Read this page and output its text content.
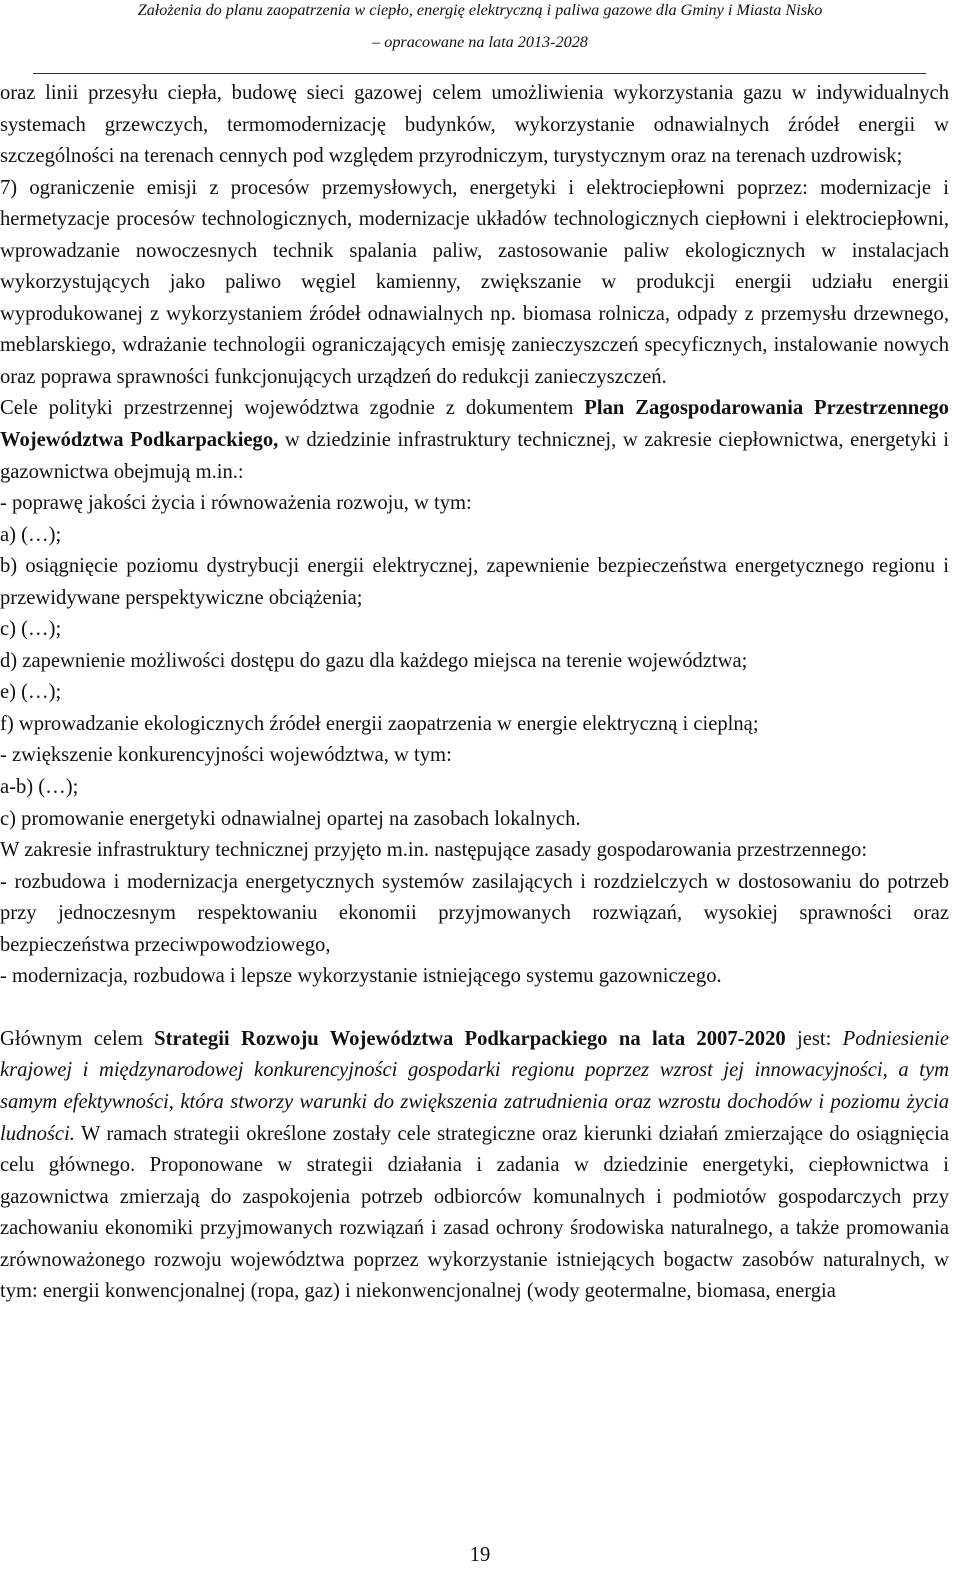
Założenia do planu zaopatrzenia w ciepło, energię elektryczną i paliwa gazowe dla Gminy i Miasta Nisko
– opracowane na lata 2013-2028

oraz linii przesyłu ciepła, budowę sieci gazowej celem umożliwienia wykorzystania gazu w indywidualnych systemach grzewczych, termomodernizację budynków, wykorzystanie odnawialnych źródeł energii w szczególności na terenach cennych pod względem przyrodniczym, turystycznym oraz na terenach uzdrowisk;

7) ograniczenie emisji z procesów przemysłowych, energetyki i elektrociepłowni poprzez: modernizacje i hermetyzacje procesów technologicznych, modernizacje układów technologicznych ciepłowni i elektrociepłowni, wprowadzanie nowoczesnych technik spalania paliw, zastosowanie paliw ekologicznych w instalacjach wykorzystujących jako paliwo węgiel kamienny, zwiększanie w produkcji energii udziału energii wyprodukowanej z wykorzystaniem źródeł odnawialnych np. biomasa rolnicza, odpady z przemysłu drzewnego, meblarskiego, wdrażanie technologii ograniczających emisję zanieczyszczeń specyficznych, instalowanie nowych oraz poprawa sprawności funkcjonujących urządzeń do redukcji zanieczyszczeń.

Cele polityki przestrzennej województwa zgodnie z dokumentem Plan Zagospodarowania Przestrzennego Województwa Podkarpackiego, w dziedzinie infrastruktury technicznej, w zakresie ciepłownictwa, energetyki i gazownictwa obejmują m.in.:

- poprawę jakości życia i równoważenia rozwoju, w tym:

a) (…);

b) osiągnięcie poziomu dystrybucji energii elektrycznej, zapewnienie bezpieczeństwa energetycznego regionu i przewidywane perspektywiczne obciążenia;

c) (…);

d) zapewnienie możliwości dostępu do gazu dla każdego miejsca na terenie województwa;

e) (…);

f) wprowadzanie ekologicznych źródeł energii zaopatrzenia w energie elektryczną i cieplną;

- zwiększenie konkurencyjności województwa, w tym:

a-b) (…);

c) promowanie energetyki odnawialnej opartej na zasobach lokalnych.

W zakresie infrastruktury technicznej przyjęto m.in. następujące zasady gospodarowania przestrzennego:

- rozbudowa i modernizacja energetycznych systemów zasilających i rozdzielczych w dostosowaniu do potrzeb przy jednoczesnym respektowaniu ekonomii przyjmowanych rozwiązań, wysokiej sprawności oraz bezpieczeństwa przeciwpowodziowego,

- modernizacja, rozbudowa i lepsze wykorzystanie istniejącego systemu gazowniczego.

Głównym celem Strategii Rozwoju Województwa Podkarpackiego na lata 2007-2020 jest: Podniesienie krajowej i międzynarodowej konkurencyjności gospodarki regionu poprzez wzrost jej innowacyjności, a tym samym efektywności, która stworzy warunki do zwiększenia zatrudnienia oraz wzrostu dochodów i poziomu życia ludności. W ramach strategii określone zostały cele strategiczne oraz kierunki działań zmierzające do osiągnięcia celu głównego. Proponowane w strategii działania i zadania w dziedzinie energetyki, ciepłownictwa i gazownictwa zmierzają do zaspokojenia potrzeb odbiorców komunalnych i podmiotów gospodarczych przy zachowaniu ekonomiki przyjmowanych rozwiązań i zasad ochrony środowiska naturalnego, a także promowania zrównoważonego rozwoju województwa poprzez wykorzystanie istniejących bogactw zasobów naturalnych, w tym: energii konwencjonalnej (ropa, gaz) i niekonwencjonalnej (wody geotermalne, biomasa, energia

19
